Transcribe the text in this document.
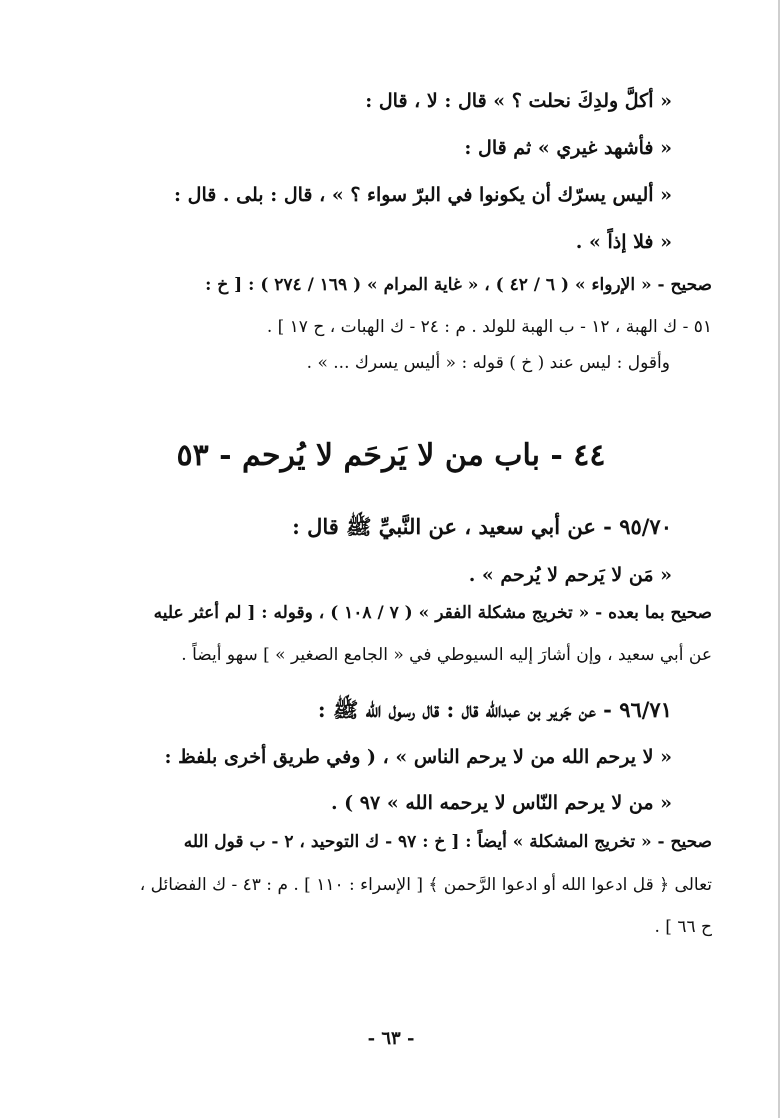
« أكلَّ ولدِكَ نحلت ؟ » قال : لا ، قال :
« فأشهد غيري » ثم قال :
« أليس يسرّك أن يكونوا في البرّ سواء ؟ » ، قال : بلى . قال :
« فلا إذاً » .
صحيح - « الإرواء » ( ٦ / ٤٢ ) ، « غاية المرام » ( ١٦٩ / ٢٧٤ ) : [ خ :
٥١ - ك الهبة ، ١٢ - ب الهبة للولد . م : ٢٤ - ك الهبات ، ح ١٧ ] .
وأقول : ليس عند ( خ ) قوله : « أليس يسرك ... » .
٤٤ - باب من لا يَرحَم لا يُرحم - ٥٣
٩٥/٧٠ - عن أبي سعيد ، عن النَّبيِّ ﷺ قال :
« مَن لا يَرحم لا يُرحم » .
صحيح بما بعده - « تخريج مشكلة الفقر » ( ٧ / ١٠٨ ) ، وقوله : [ لم أعثر عليه
عن أبي سعيد ، وإن أشارَ إليه السيوطي في « الجامع الصغير » ] سهو أيضاً .
٩٦/٧١ - عن جَرير بن عبدالله قال : قال رسول الله ﷺ :
« لا يرحم الله من لا يرحم الناس » ، ( وفي طريق أخرى بلفظ :
« من لا يرحم النّاس لا يرحمه الله » ٩٧ ) .
صحيح - « تخريج المشكلة » أيضاً : [ خ : ٩٧ - ك التوحيد ، ٢ - ب قول الله
تعالى ﴿ قل ادعوا الله أو ادعوا الرَّحمن ﴾ [ الإسراء : ١١٠ ] . م : ٤٣ - ك الفضائل ،
ح ٦٦ ] .
- ٦٣ -
